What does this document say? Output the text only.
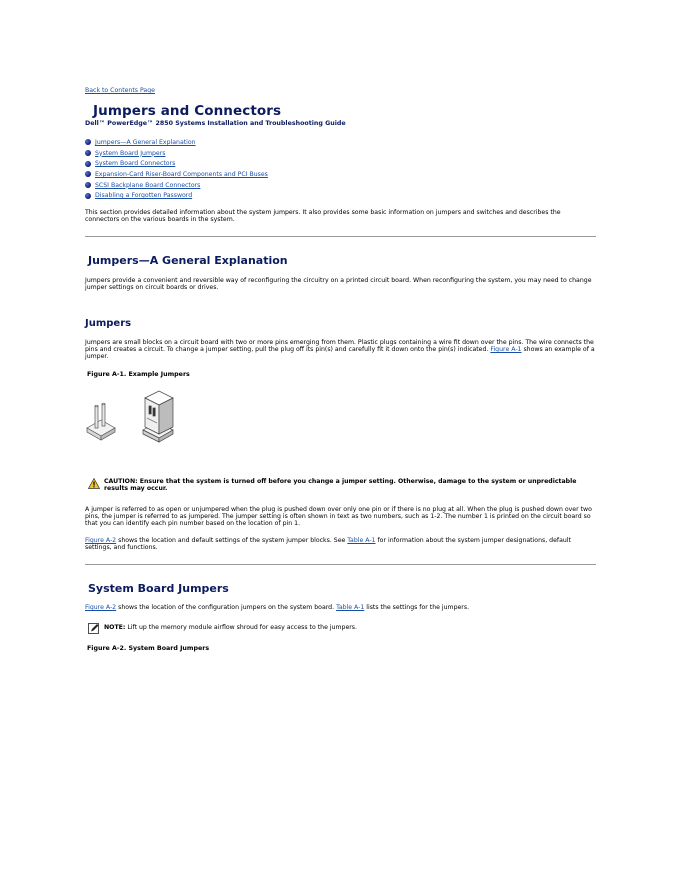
Back to Contents Page
Jumpers and Connectors
Dell™ PowerEdge™ 2850 Systems Installation and Troubleshooting Guide
Jumpers—A General Explanation
System Board Jumpers
System Board Connectors
Expansion-Card Riser-Board Components and PCI Buses
SCSI Backplane Board Connectors
Disabling a Forgotten Password

This section provides detailed information about the system jumpers. It also provides some basic information on jumpers and switches and describes the connectors on the various boards in the system.

Jumpers—A General Explanation

Jumpers provide a convenient and reversible way of reconfiguring the circuitry on a printed circuit board. When reconfiguring the system, you may need to change jumper settings on circuit boards or drives.

Jumpers

Jumpers are small blocks on a circuit board with two or more pins emerging from them. Plastic plugs containing a wire fit down over the pins. The wire connects the pins and creates a circuit. To change a jumper setting, pull the plug off its pin(s) and carefully fit it down onto the pin(s) indicated. Figure A-1 shows an example of a jumper.

Figure A-1. Example Jumpers
CAUTION: Ensure that the system is turned off before you change a jumper setting. Otherwise, damage to the system or unpredictable results may occur.

A jumper is referred to as open or unjumpered when the plug is pushed down over only one pin or if there is no plug at all. When the plug is pushed down over two pins, the jumper is referred to as jumpered. The jumper setting is often shown in text as two numbers, such as 1-2. The number 1 is printed on the circuit board so that you can identify each pin number based on the location of pin 1.

Figure A-2 shows the location and default settings of the system jumper blocks. See Table A-1 for information about the system jumper designations, default settings, and functions.

System Board Jumpers

Figure A-2 shows the location of the configuration jumpers on the system board. Table A-1 lists the settings for the jumpers.

NOTE: Lift up the memory module airflow shroud for easy access to the jumpers.
Figure A-2. System Board Jumpers
